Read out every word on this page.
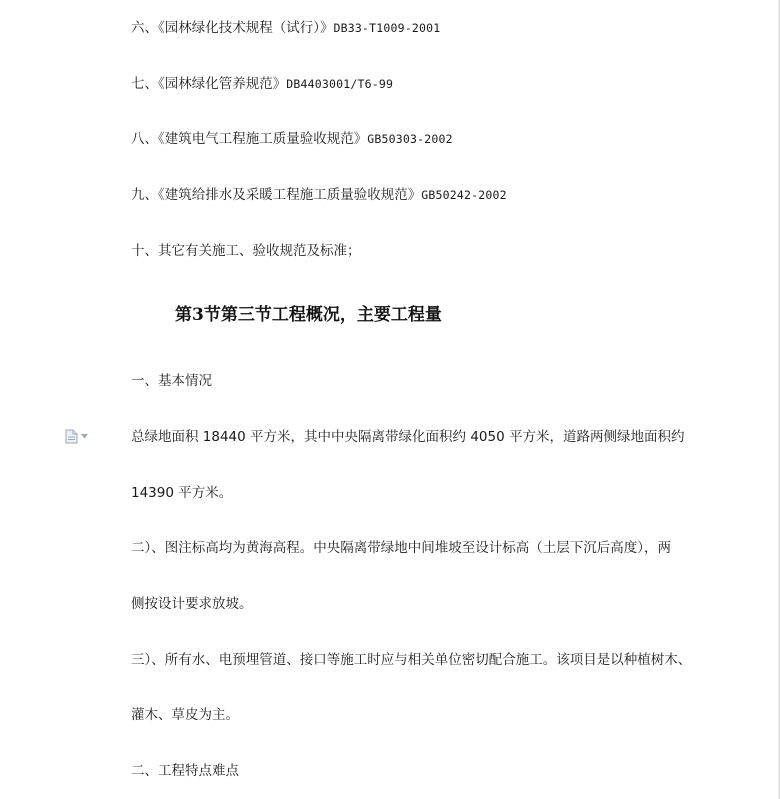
六、《园林绿化技术规程（试行）》DB33-T1009-2001
七、《园林绿化管养规范》DB4403001/T6-99
八、《建筑电气工程施工质量验收规范》GB50303-2002
九、《建筑给排水及采暖工程施工质量验收规范》GB50242-2002
十、其它有关施工、验收规范及标准；
第3节第三节工程概况，主要工程量
一、基本情况
总绿地面积 18440 平方米，其中中央隔离带绿化面积约 4050 平方米，道路两侧绿地面积约
14390 平方米。
二）、图注标高均为黄海高程。中央隔离带绿地中间堆坡至设计标高（土层下沉后高度），两
侧按设计要求放坡。
三）、所有水、电预埋管道、接口等施工时应与相关单位密切配合施工。该项目是以种植树木、
灌木、草皮为主。
二、工程特点难点
